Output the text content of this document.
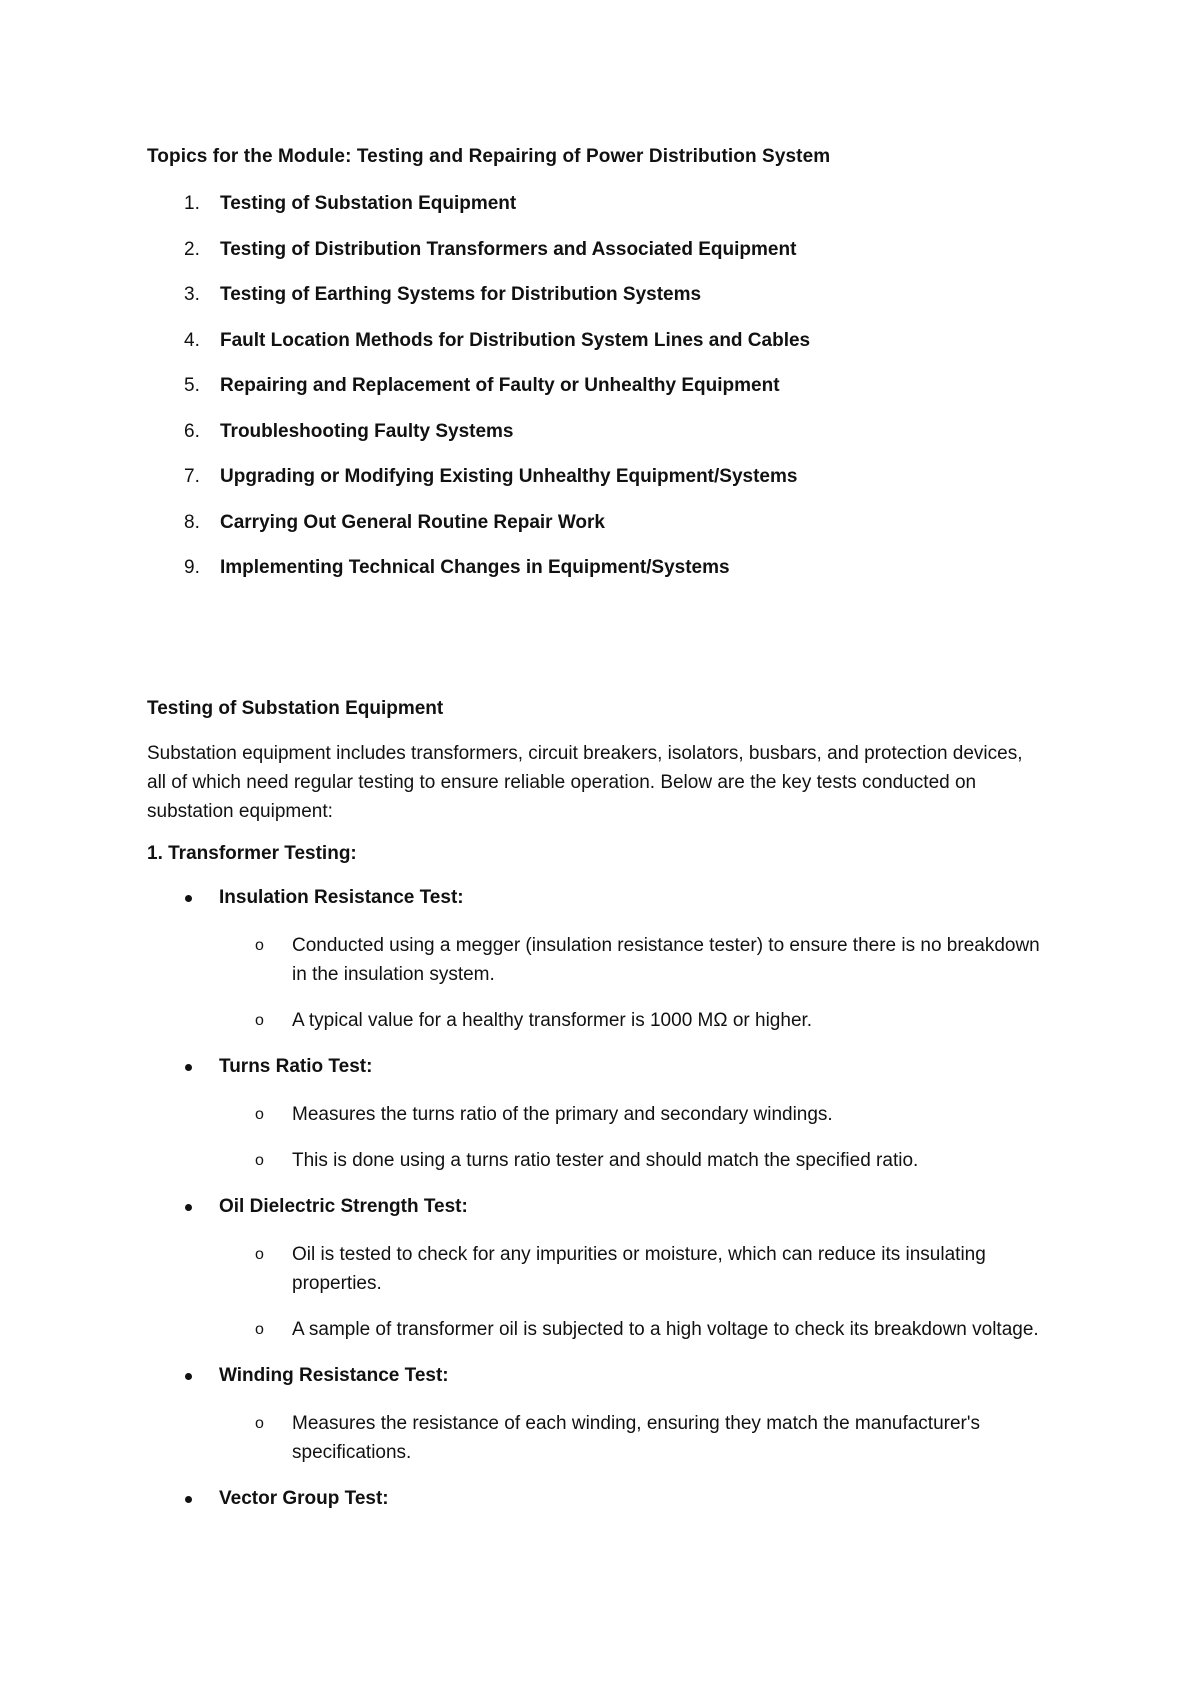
Topics for the Module: Testing and Repairing of Power Distribution System

1.	Testing of Substation Equipment
2.	Testing of Distribution Transformers and Associated Equipment
3.	Testing of Earthing Systems for Distribution Systems
4.	Fault Location Methods for Distribution System Lines and Cables
5.	Repairing and Replacement of Faulty or Unhealthy Equipment
6.	Troubleshooting Faulty Systems
7.	Upgrading or Modifying Existing Unhealthy Equipment/Systems
8.	Carrying Out General Routine Repair Work
9.	Implementing Technical Changes in Equipment/Systems

Testing of Substation Equipment

Substation equipment includes transformers, circuit breakers, isolators, busbars, and protection devices, all of which need regular testing to ensure reliable operation. Below are the key tests conducted on substation equipment:

1. Transformer Testing:

Insulation Resistance Test:
o Conducted using a megger (insulation resistance tester) to ensure there is no breakdown in the insulation system.
o A typical value for a healthy transformer is 1000 MΩ or higher.
Turns Ratio Test:
o Measures the turns ratio of the primary and secondary windings.
o This is done using a turns ratio tester and should match the specified ratio.
Oil Dielectric Strength Test:
o Oil is tested to check for any impurities or moisture, which can reduce its insulating properties.
o A sample of transformer oil is subjected to a high voltage to check its breakdown voltage.
Winding Resistance Test:
o Measures the resistance of each winding, ensuring they match the manufacturer's specifications.
Vector Group Test:
